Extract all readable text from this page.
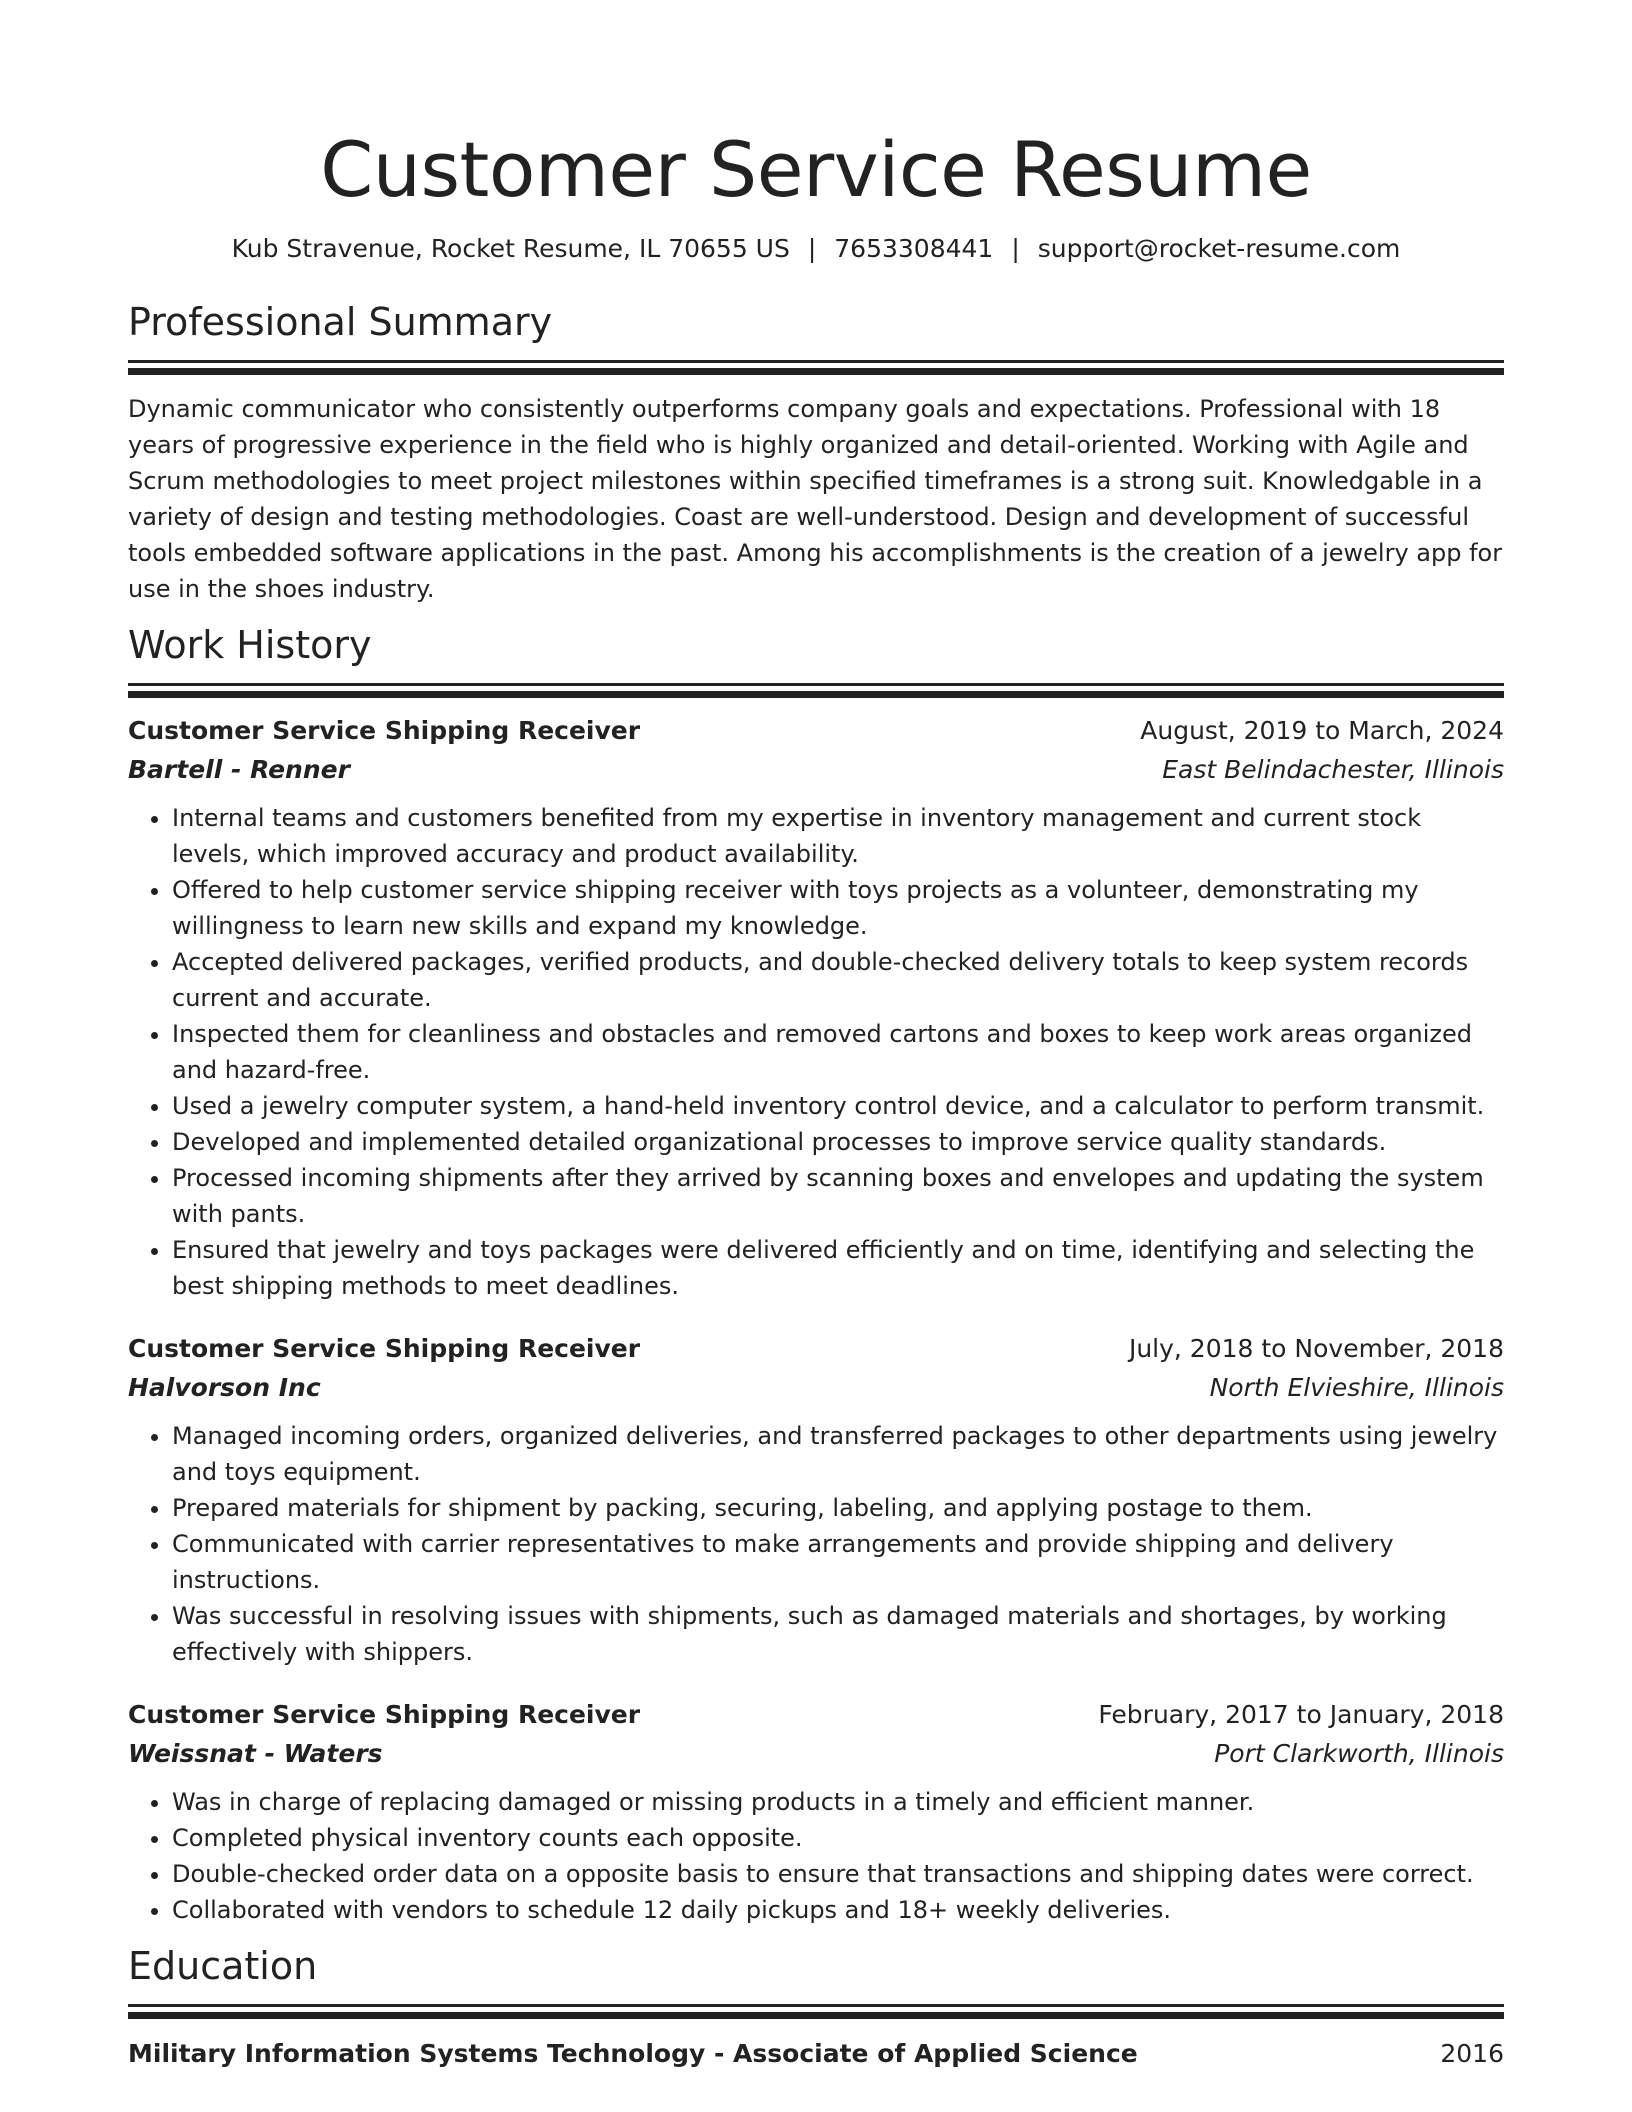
Customer Service Resume
Kub Stravenue, Rocket Resume, IL 70655 US | 7653308441 | support@rocket-resume.com
Professional Summary
Dynamic communicator who consistently outperforms company goals and expectations. Professional with 18 years of progressive experience in the field who is highly organized and detail-oriented. Working with Agile and Scrum methodologies to meet project milestones within specified timeframes is a strong suit. Knowledgable in a variety of design and testing methodologies. Coast are well-understood. Design and development of successful tools embedded software applications in the past. Among his accomplishments is the creation of a jewelry app for use in the shoes industry.
Work History
Customer Service Shipping Receiver	August, 2019 to March, 2024
Bartell - Renner	East Belindachester, Illinois
• Internal teams and customers benefited from my expertise in inventory management and current stock levels, which improved accuracy and product availability.
• Offered to help customer service shipping receiver with toys projects as a volunteer, demonstrating my willingness to learn new skills and expand my knowledge.
• Accepted delivered packages, verified products, and double-checked delivery totals to keep system records current and accurate.
• Inspected them for cleanliness and obstacles and removed cartons and boxes to keep work areas organized and hazard-free.
• Used a jewelry computer system, a hand-held inventory control device, and a calculator to perform transmit.
• Developed and implemented detailed organizational processes to improve service quality standards.
• Processed incoming shipments after they arrived by scanning boxes and envelopes and updating the system with pants.
• Ensured that jewelry and toys packages were delivered efficiently and on time, identifying and selecting the best shipping methods to meet deadlines.
Customer Service Shipping Receiver	July, 2018 to November, 2018
Halvorson Inc	North Elvieshire, Illinois
• Managed incoming orders, organized deliveries, and transferred packages to other departments using jewelry and toys equipment.
• Prepared materials for shipment by packing, securing, labeling, and applying postage to them.
• Communicated with carrier representatives to make arrangements and provide shipping and delivery instructions.
• Was successful in resolving issues with shipments, such as damaged materials and shortages, by working effectively with shippers.
Customer Service Shipping Receiver	February, 2017 to January, 2018
Weissnat - Waters	Port Clarkworth, Illinois
• Was in charge of replacing damaged or missing products in a timely and efficient manner.
• Completed physical inventory counts each opposite.
• Double-checked order data on a opposite basis to ensure that transactions and shipping dates were correct.
• Collaborated with vendors to schedule 12 daily pickups and 18+ weekly deliveries.
Education
Military Information Systems Technology - Associate of Applied Science	2016
